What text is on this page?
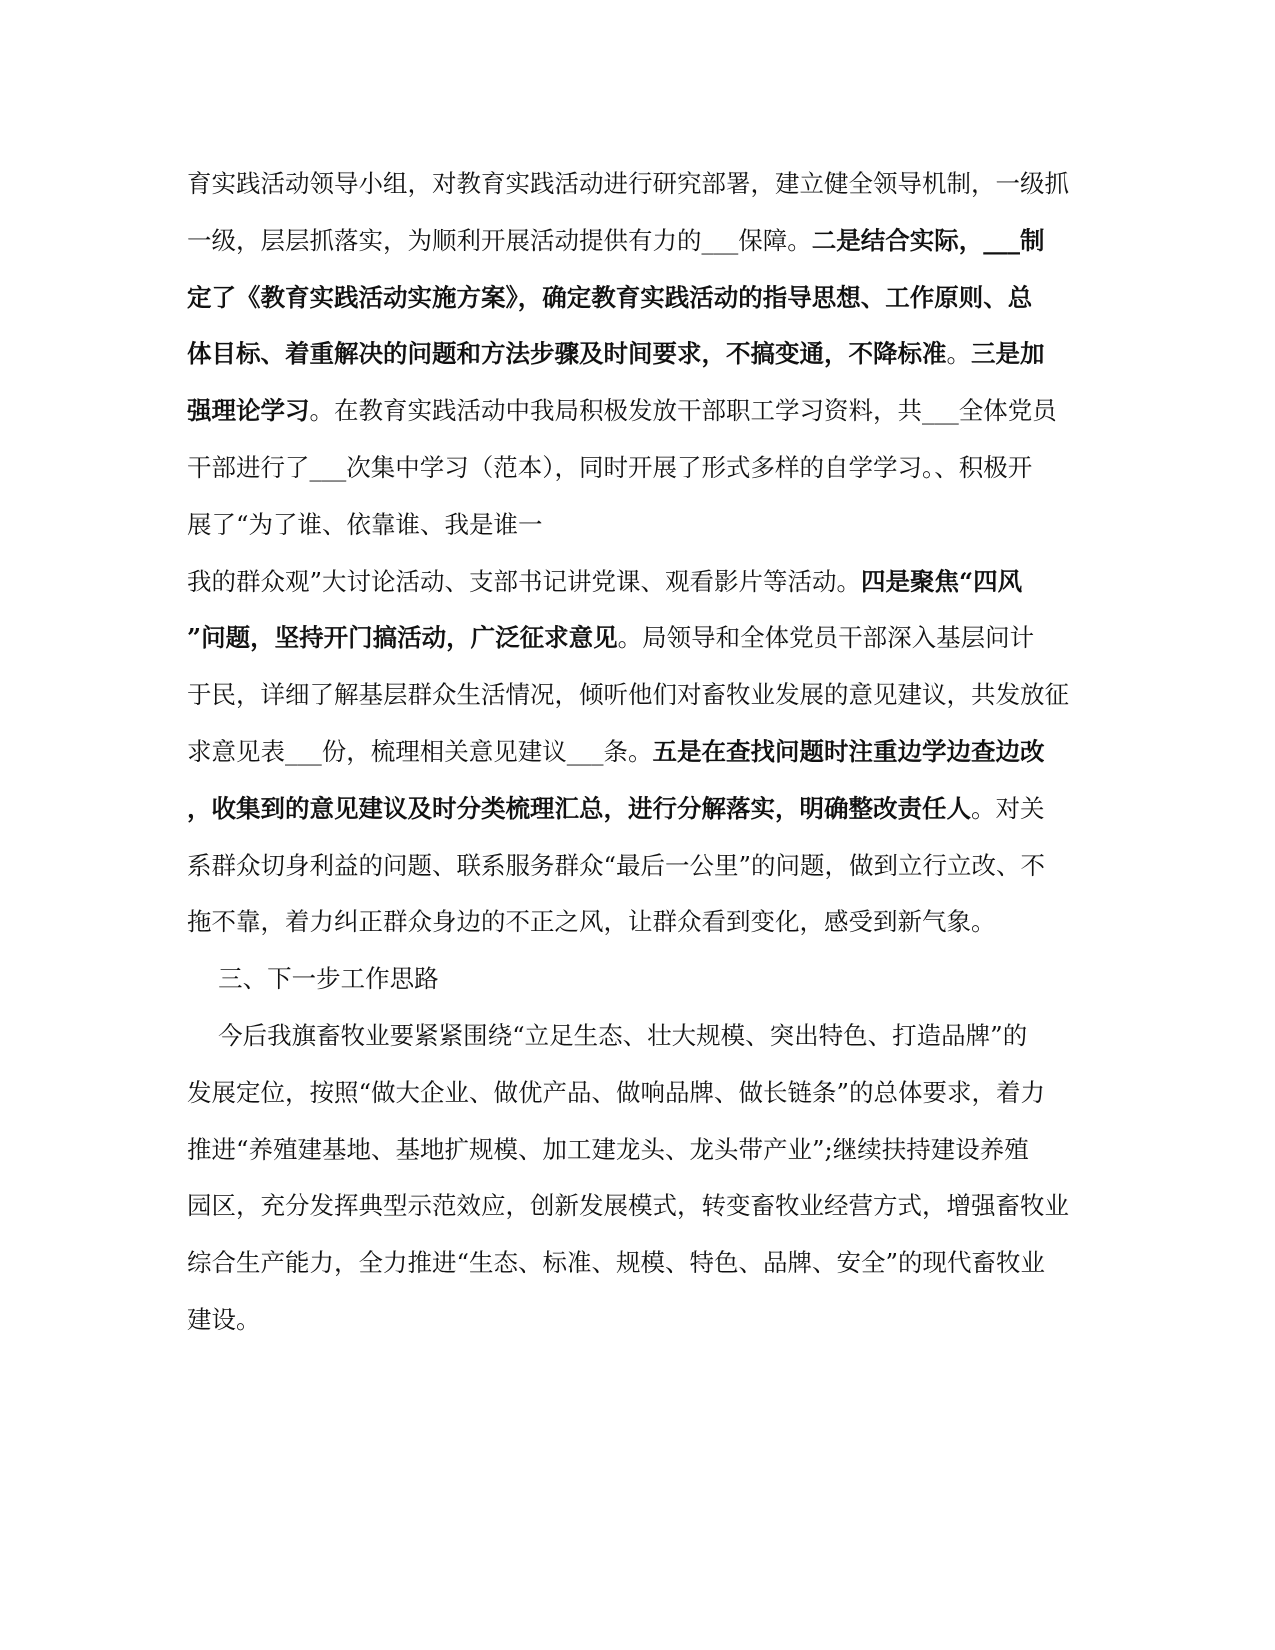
育实践活动领导小组，对教育实践活动进行研究部署，建立健全领导机制，一级抓
一级，层层抓落实，为顺利开展活动提供有力的___保障。二是结合实际，___制
定了《教育实践活动实施方案》，确定教育实践活动的指导思想、工作原则、总
体目标、着重解决的问题和方法步骤及时间要求，不搞变通，不降标准。三是加
强理论学习。在教育实践活动中我局积极发放干部职工学习资料，共___全体党员
干部进行了___次集中学习（范本），同时开展了形式多样的自学学习。、积极开
展了“为了谁、依靠谁、我是谁一
我的群众观”大讨论活动、支部书记讲党课、观看影片等活动。四是聚焦“四风
”问题，坚持开门搞活动，广泛征求意见。局领导和全体党员干部深入基层问计
于民，详细了解基层群众生活情况，倾听他们对畜牧业发展的意见建议，共发放征
求意见表___份，梳理相关意见建议___条。五是在查找问题时注重边学边查边改
，收集到的意见建议及时分类梳理汇总，进行分解落实，明确整改责任人。对关
系群众切身利益的问题、联系服务群众“最后一公里”的问题，做到立行立改、不
拖不靠，着力纠正群众身边的不正之风，让群众看到变化，感受到新气象。
三、下一步工作思路
今后我旗畜牧业要紧紧围绕“立足生态、壮大规模、突出特色、打造品牌”的
发展定位，按照“做大企业、做优产品、做响品牌、做长链条”的总体要求，着力
推进“养殖建基地、基地扩规模、加工建龙头、龙头带产业”;继续扶持建设养殖
园区，充分发挥典型示范效应，创新发展模式，转变畜牧业经营方式，增强畜牧业
综合生产能力，全力推进“生态、标准、规模、特色、品牌、安全”的现代畜牧业
建设。
